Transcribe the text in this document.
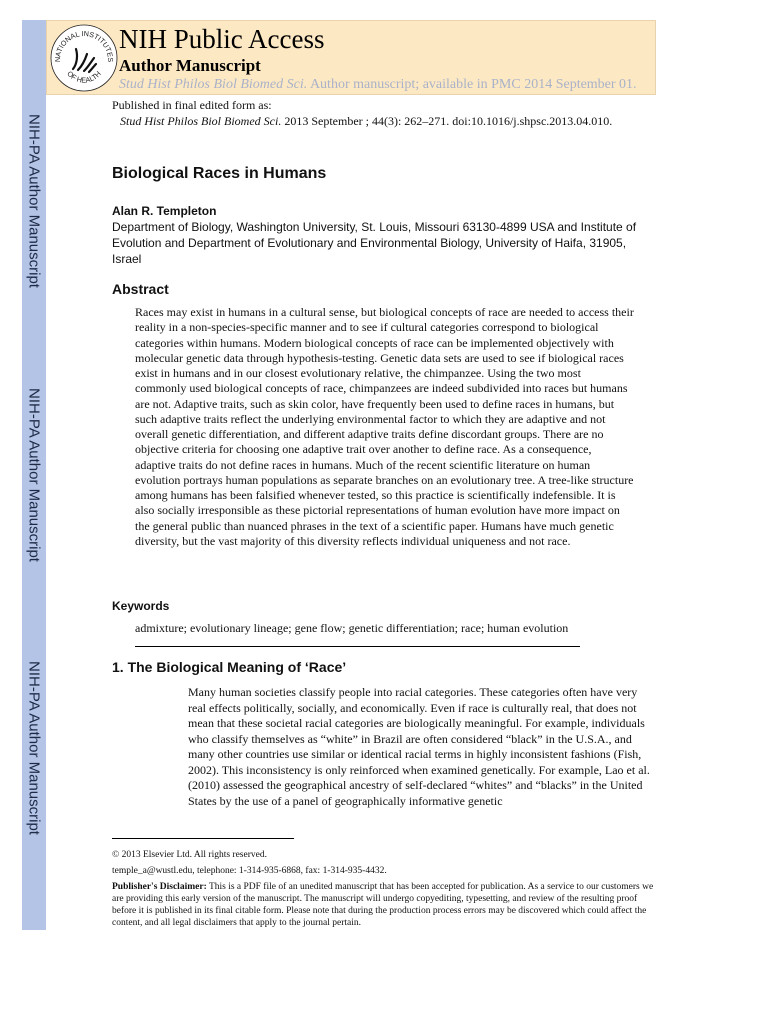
NIH-PA Author Manuscript
NIH-PA Author Manuscript
NIH-PA Author Manuscript
NATIONAL INSTITUTES
OF HEALTH
NIH Public Access
Author Manuscript
Stud Hist Philos Biol Biomed Sci. Author manuscript; available in PMC 2014 September 01.
Published in final edited form as:
Stud Hist Philos Biol Biomed Sci. 2013 September ; 44(3): 262–271. doi:10.1016/j.shpsc.2013.04.010.
Biological Races in Humans
Alan R. Templeton
Department of Biology, Washington University, St. Louis, Missouri 63130-4899 USA and Institute of Evolution and Department of Evolutionary and Environmental Biology, University of Haifa, 31905, Israel
Abstract
Races may exist in humans in a cultural sense, but biological concepts of race are needed to access their reality in a non-species-specific manner and to see if cultural categories correspond to biological categories within humans. Modern biological concepts of race can be implemented objectively with molecular genetic data through hypothesis-testing. Genetic data sets are used to see if biological races exist in humans and in our closest evolutionary relative, the chimpanzee. Using the two most commonly used biological concepts of race, chimpanzees are indeed subdivided into races but humans are not. Adaptive traits, such as skin color, have frequently been used to define races in humans, but such adaptive traits reflect the underlying environmental factor to which they are adaptive and not overall genetic differentiation, and different adaptive traits define discordant groups. There are no objective criteria for choosing one adaptive trait over another to define race. As a consequence, adaptive traits do not define races in humans. Much of the recent scientific literature on human evolution portrays human populations as separate branches on an evolutionary tree. A tree-like structure among humans has been falsified whenever tested, so this practice is scientifically indefensible. It is also socially irresponsible as these pictorial representations of human evolution have more impact on the general public than nuanced phrases in the text of a scientific paper. Humans have much genetic diversity, but the vast majority of this diversity reflects individual uniqueness and not race.
Keywords
admixture; evolutionary lineage; gene flow; genetic differentiation; race; human evolution
1. The Biological Meaning of ‘Race’
Many human societies classify people into racial categories. These categories often have very real effects politically, socially, and economically. Even if race is culturally real, that does not mean that these societal racial categories are biologically meaningful. For example, individuals who classify themselves as “white” in Brazil are often considered “black” in the U.S.A., and many other countries use similar or identical racial terms in highly inconsistent fashions (Fish, 2002). This inconsistency is only reinforced when examined genetically. For example, Lao et al. (2010) assessed the geographical ancestry of self-declared “whites” and “blacks” in the United States by the use of a panel of geographically informative genetic
© 2013 Elsevier Ltd. All rights reserved.
temple_a@wustl.edu, telephone: 1-314-935-6868, fax: 1-314-935-4432.
Publisher's Disclaimer: This is a PDF file of an unedited manuscript that has been accepted for publication. As a service to our customers we are providing this early version of the manuscript. The manuscript will undergo copyediting, typesetting, and review of the resulting proof before it is published in its final citable form. Please note that during the production process errors may be discovered which could affect the content, and all legal disclaimers that apply to the journal pertain.
